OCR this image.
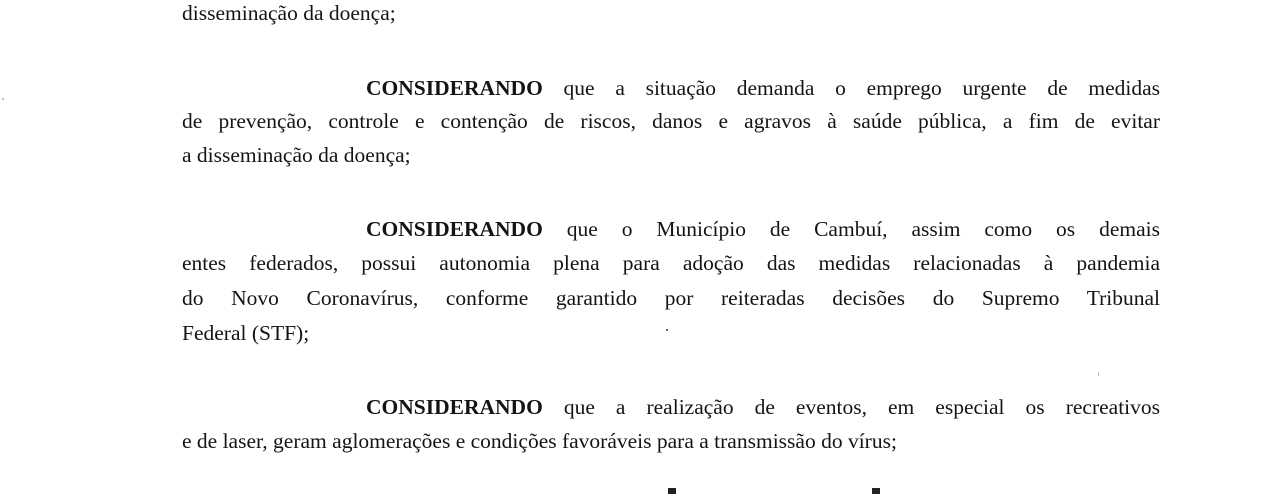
disseminação da doença;
CONSIDERANDO que a situação demanda o emprego urgente de medidas
de prevenção, controle e contenção de riscos, danos e agravos à saúde pública, a fim de evitar
a disseminação da doença;
CONSIDERANDO que o Município de Cambuí, assim como os demais
entes federados, possui autonomia plena para adoção das medidas relacionadas à pandemia
do Novo Coronavírus, conforme garantido por reiteradas decisões do Supremo Tribunal
Federal (STF);
CONSIDERANDO que a realização de eventos, em especial os recreativos
e de laser, geram aglomerações e condições favoráveis para a transmissão do vírus;
